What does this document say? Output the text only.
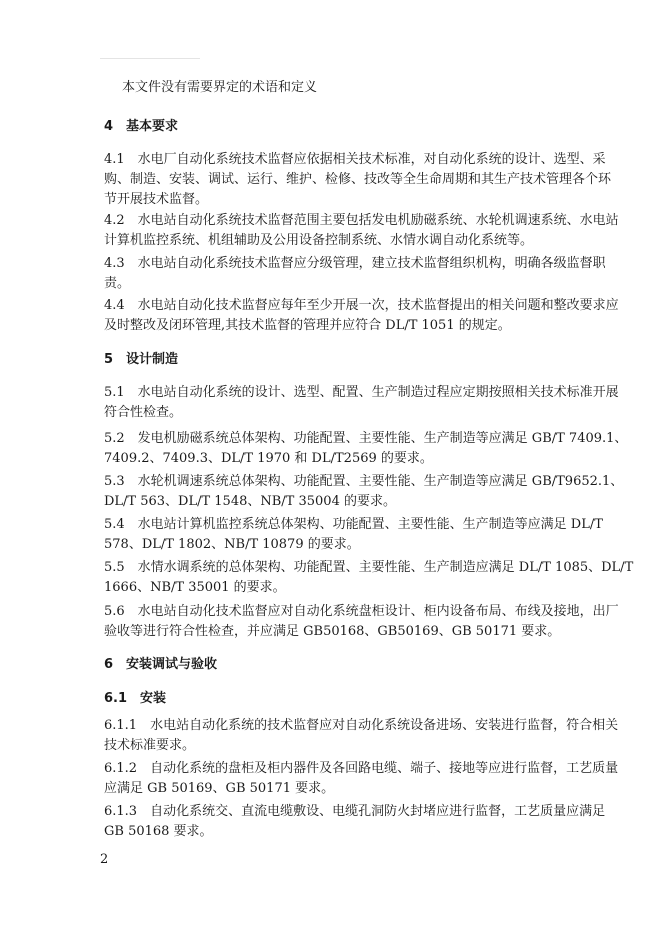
本文件没有需要界定的术语和定义
4　基本要求
4.1　水电厂自动化系统技术监督应依据相关技术标准，对自动化系统的设计、选型、采
购、制造、安装、调试、运行、维护、检修、技改等全生命周期和其生产技术管理各个环
节开展技术监督。
4.2　水电站自动化系统技术监督范围主要包括发电机励磁系统、水轮机调速系统、水电站
计算机监控系统、机组辅助及公用设备控制系统、水情水调自动化系统等。
4.3　水电站自动化系统技术监督应分级管理，建立技术监督组织机构，明确各级监督职
责。
4.4　水电站自动化技术监督应每年至少开展一次，技术监督提出的相关问题和整改要求应
及时整改及闭环管理,其技术监督的管理并应符合 DL/T 1051 的规定。
5　设计制造
5.1　水电站自动化系统的设计、选型、配置、生产制造过程应定期按照相关技术标准开展
符合性检查。
5.2　发电机励磁系统总体架构、功能配置、主要性能、生产制造等应满足 GB/T 7409.1、
7409.2、7409.3、DL/T 1970 和 DL/T2569 的要求。
5.3　水轮机调速系统总体架构、功能配置、主要性能、生产制造等应满足 GB/T9652.1、
DL/T 563、DL/T 1548、NB/T 35004 的要求。
5.4　水电站计算机监控系统总体架构、功能配置、主要性能、生产制造等应满足 DL/T
578、DL/T 1802、NB/T 10879 的要求。
5.5　水情水调系统的总体架构、功能配置、主要性能、生产制造应满足 DL/T 1085、DL/T
1666、NB/T 35001 的要求。
5.6　水电站自动化技术监督应对自动化系统盘柜设计、柜内设备布局、布线及接地，出厂
验收等进行符合性检查，并应满足 GB50168、GB50169、GB 50171 要求。
6　安装调试与验收
6.1　安装
6.1.1　水电站自动化系统的技术监督应对自动化系统设备进场、安装进行监督，符合相关
技术标准要求。
6.1.2　自动化系统的盘柜及柜内器件及各回路电缆、端子、接地等应进行监督，工艺质量
应满足 GB 50169、GB 50171 要求。
6.1.3　自动化系统交、直流电缆敷设、电缆孔洞防火封堵应进行监督，工艺质量应满足
GB 50168 要求。
2
